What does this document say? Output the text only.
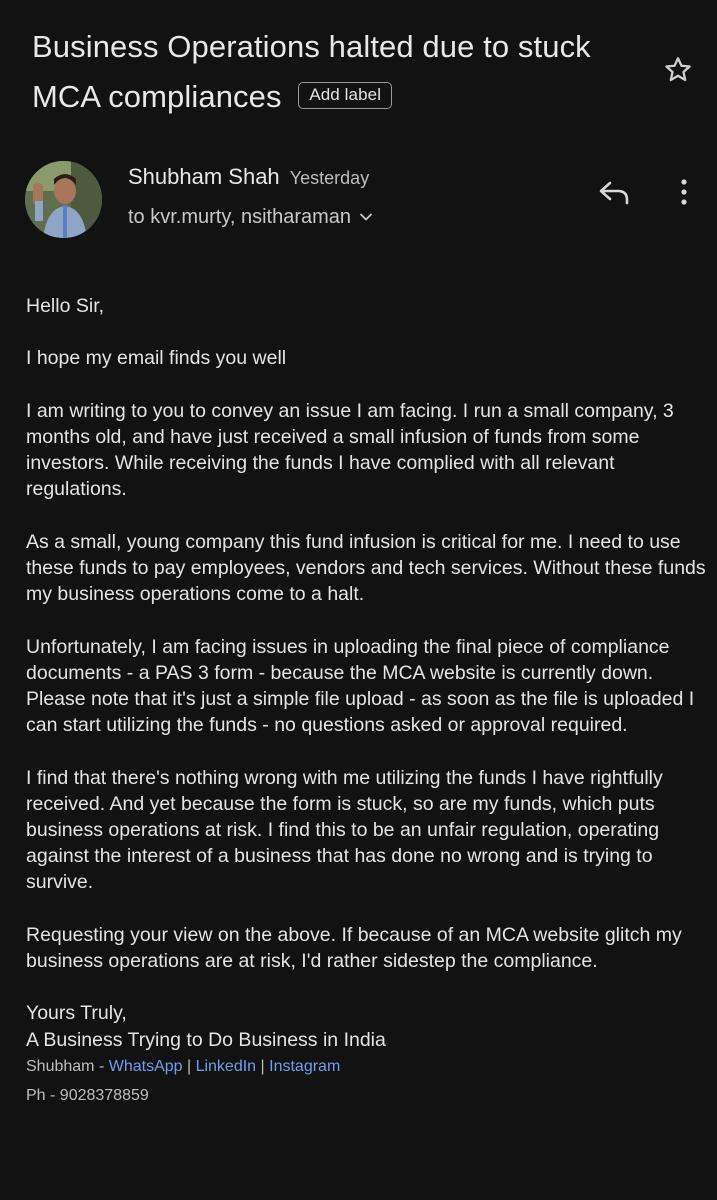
Business Operations halted due to stuck MCA compliances Add label
Shubham Shah Yesterday
to kvr.murty, nsitharaman

Hello Sir,

I hope my email finds you well

I am writing to you to convey an issue I am facing. I run a small company, 3 months old, and have just received a small infusion of funds from some investors. While receiving the funds I have complied with all relevant regulations.

As a small, young company this fund infusion is critical for me. I need to use these funds to pay employees, vendors and tech services. Without these funds my business operations come to a halt.

Unfortunately, I am facing issues in uploading the final piece of compliance documents - a PAS 3 form - because the MCA website is currently down. Please note that it's just a simple file upload - as soon as the file is uploaded I can start utilizing the funds - no questions asked or approval required.

I find that there's nothing wrong with me utilizing the funds I have rightfully received. And yet because the form is stuck, so are my funds, which puts business operations at risk. I find this to be an unfair regulation, operating against the interest of a business that has done no wrong and is trying to survive.

Requesting your view on the above. If because of an MCA website glitch my business operations are at risk, I'd rather sidestep the compliance.

Yours Truly,
A Business Trying to Do Business in India
Shubham - WhatsApp | LinkedIn | Instagram
Ph - 9028378859
